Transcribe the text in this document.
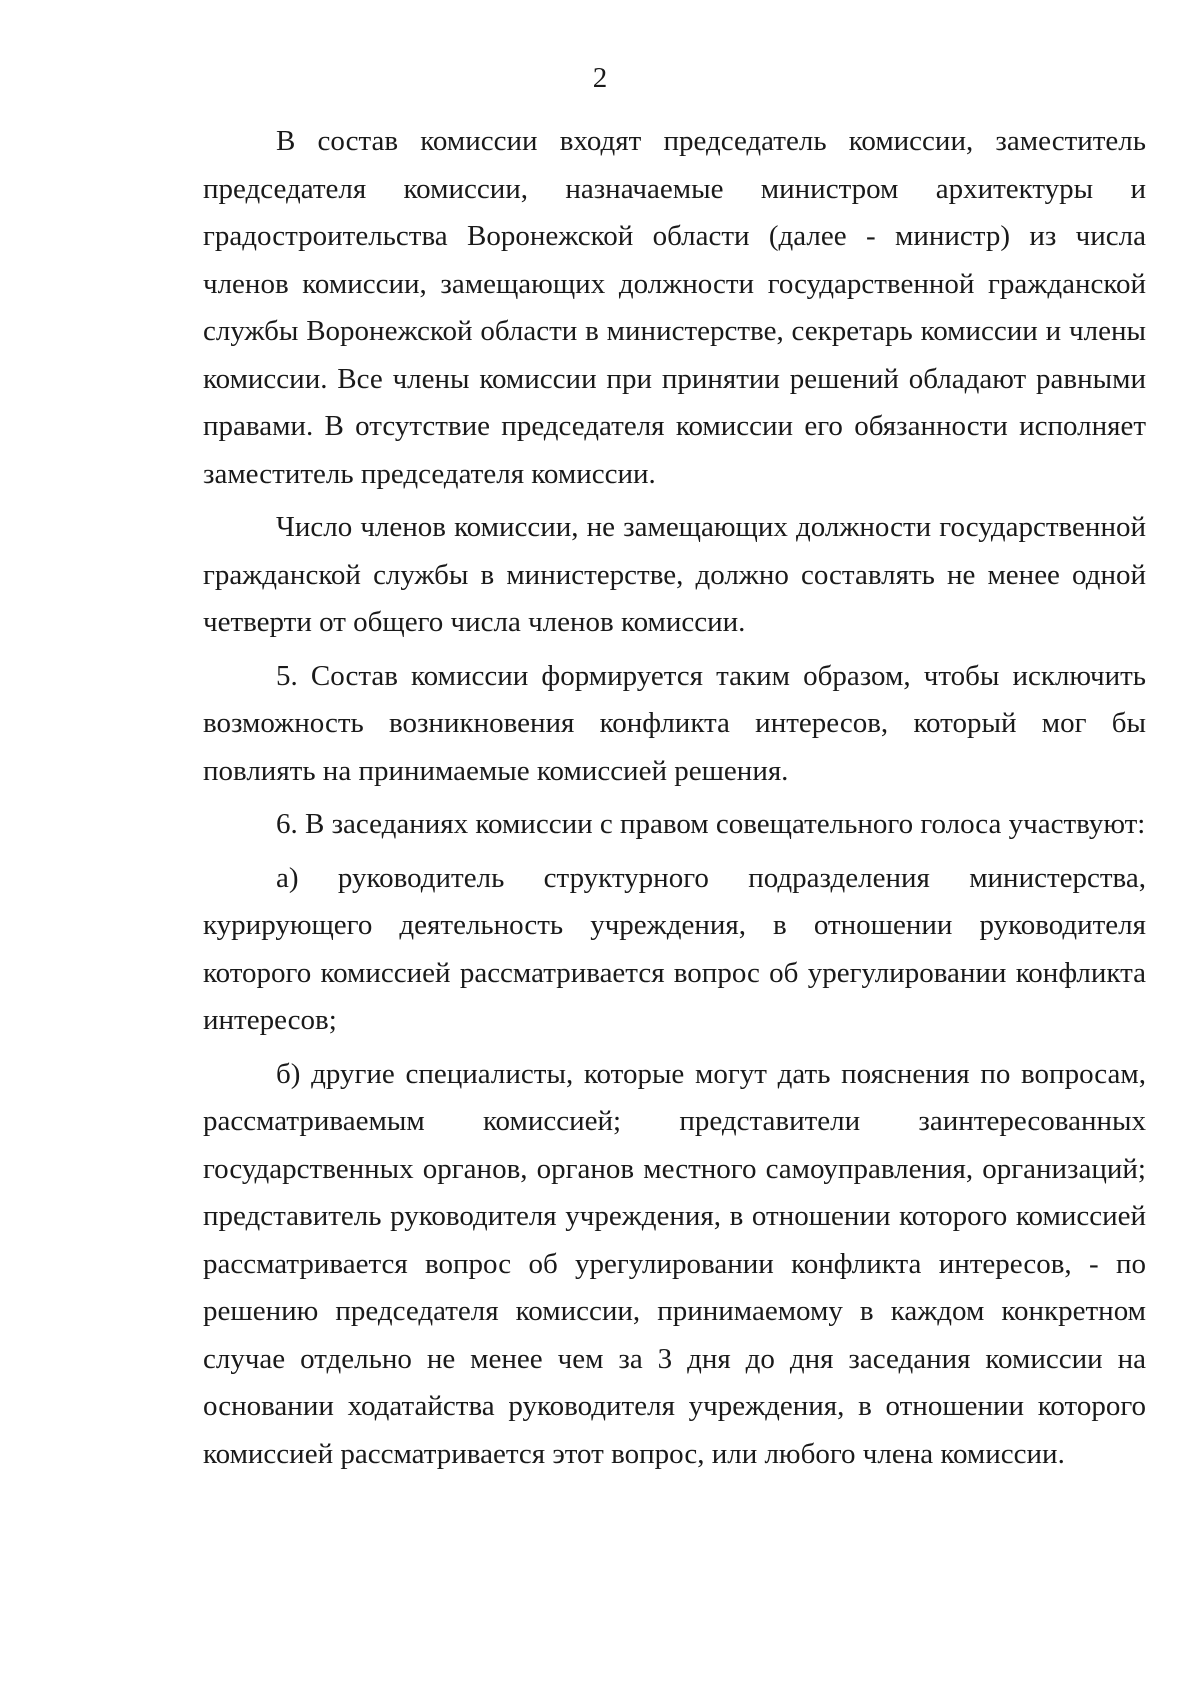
2

В состав комиссии входят председатель комиссии, заместитель председателя комиссии, назначаемые министром архитектуры и градостроительства Воронежской области (далее - министр) из числа членов комиссии, замещающих должности государственной гражданской службы Воронежской области в министерстве, секретарь комиссии и члены комиссии. Все члены комиссии при принятии решений обладают равными правами. В отсутствие председателя комиссии его обязанности исполняет заместитель председателя комиссии.

Число членов комиссии, не замещающих должности государственной гражданской службы в министерстве, должно составлять не менее одной четверти от общего числа членов комиссии.

5. Состав комиссии формируется таким образом, чтобы исключить возможность возникновения конфликта интересов, который мог бы повлиять на принимаемые комиссией решения.

6. В заседаниях комиссии с правом совещательного голоса участвуют:

а) руководитель структурного подразделения министерства, курирующего деятельность учреждения, в отношении руководителя которого комиссией рассматривается вопрос об урегулировании конфликта интересов;

б) другие специалисты, которые могут дать пояснения по вопросам, рассматриваемым комиссией; представители заинтересованных государственных органов, органов местного самоуправления, организаций; представитель руководителя учреждения, в отношении которого комиссией рассматривается вопрос об урегулировании конфликта интересов, - по решению председателя комиссии, принимаемому в каждом конкретном случае отдельно не менее чем за 3 дня до дня заседания комиссии на основании ходатайства руководителя учреждения, в отношении которого комиссией рассматривается этот вопрос, или любого члена комиссии.
